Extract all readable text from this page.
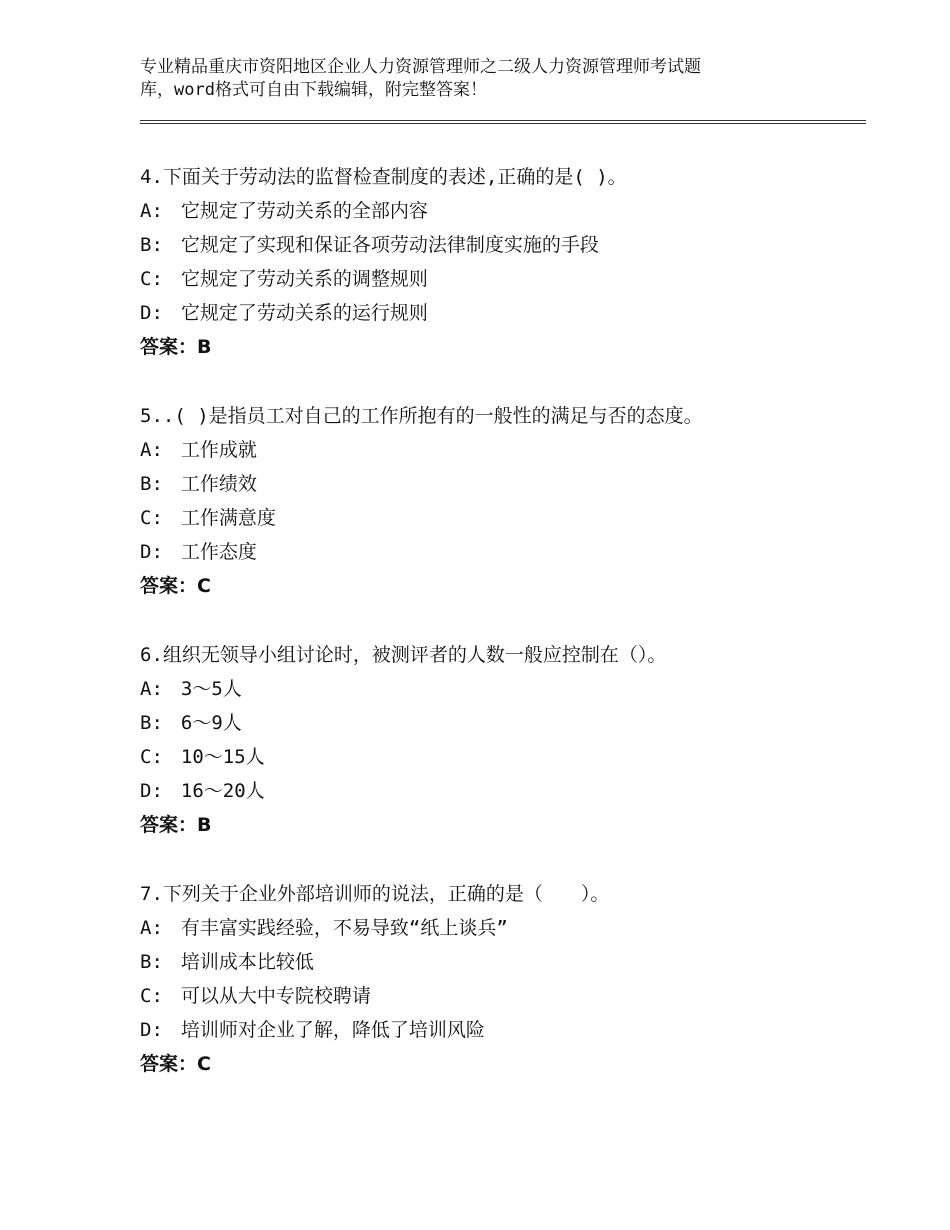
专业精品重庆市资阳地区企业人力资源管理师之二级人力资源管理师考试题
库，word格式可自由下载编辑，附完整答案！
4.下面关于劳动法的监督检查制度的表述,正确的是( )。
A: 它规定了劳动关系的全部内容
B: 它规定了实现和保证各项劳动法律制度实施的手段
C: 它规定了劳动关系的调整规则
D: 它规定了劳动关系的运行规则
答案：B
5..( )是指员工对自己的工作所抱有的一般性的满足与否的态度。
A: 工作成就
B: 工作绩效
C: 工作满意度
D: 工作态度
答案：C
6.组织无领导小组讨论时，被测评者的人数一般应控制在（）。
A: 3～5人
B: 6～9人
C: 10～15人
D: 16～20人
答案：B
7.下列关于企业外部培训师的说法，正确的是（　　）。
A: 有丰富实践经验，不易导致“纸上谈兵”
B: 培训成本比较低
C: 可以从大中专院校聘请
D: 培训师对企业了解，降低了培训风险
答案：C
